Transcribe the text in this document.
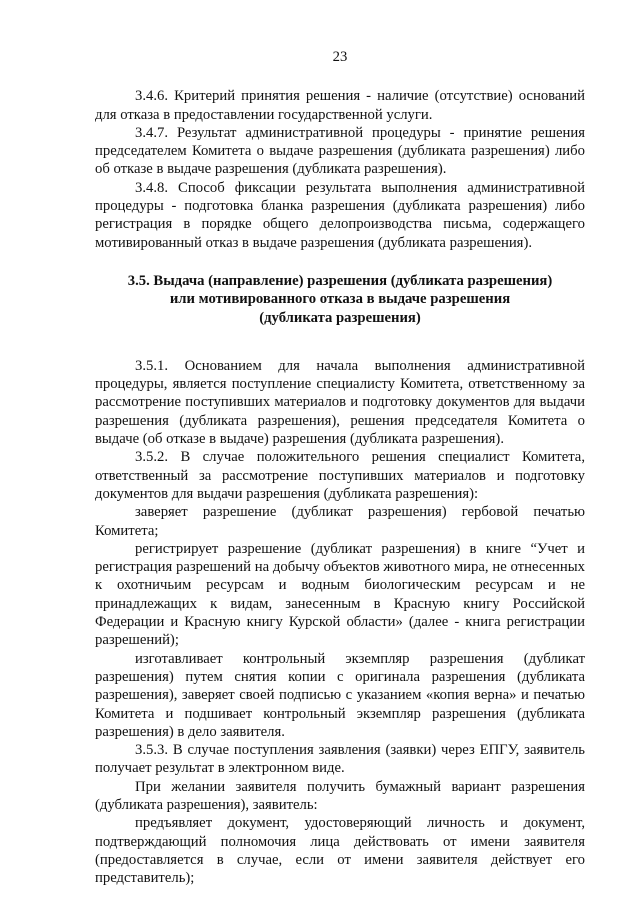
23

3.4.6. Критерий принятия решения - наличие (отсутствие) оснований для отказа в предоставлении государственной услуги.

3.4.7. Результат административной процедуры - принятие решения председателем Комитета о выдаче разрешения (дубликата разрешения) либо об отказе в выдаче разрешения (дубликата разрешения).

3.4.8. Способ фиксации результата выполнения административной процедуры - подготовка бланка разрешения (дубликата разрешения) либо регистрация в порядке общего делопроизводства письма, содержащего мотивированный отказ в выдаче разрешения (дубликата разрешения).

3.5. Выдача (направление) разрешения (дубликата разрешения)
или мотивированного отказа в выдаче разрешения
(дубликата разрешения)

3.5.1. Основанием для начала выполнения административной процедуры, является поступление специалисту Комитета, ответственному за рассмотрение поступивших материалов и подготовку документов для выдачи разрешения (дубликата разрешения), решения председателя Комитета о выдаче (об отказе в выдаче) разрешения (дубликата разрешения).

3.5.2. В случае положительного решения специалист Комитета, ответственный за рассмотрение поступивших материалов и подготовку документов для выдачи разрешения (дубликата разрешения):

заверяет разрешение (дубликат разрешения) гербовой печатью Комитета;

регистрирует разрешение (дубликат разрешения) в книге “Учет и регистрация разрешений на добычу объектов животного мира, не отнесенных к охотничьим ресурсам и водным биологическим ресурсам и не принадлежащих к видам, занесенным в Красную книгу Российской Федерации и Красную книгу Курской области» (далее - книга регистрации разрешений);

изготавливает контрольный экземпляр разрешения (дубликат разрешения) путем снятия копии с оригинала разрешения (дубликата разрешения), заверяет своей подписью с указанием «копия верна» и печатью Комитета и подшивает контрольный экземпляр разрешения (дубликата разрешения) в дело заявителя.

3.5.3. В случае поступления заявления (заявки) через ЕПГУ, заявитель получает результат в электронном виде.

При желании заявителя получить бумажный вариант разрешения (дубликата разрешения), заявитель:

предъявляет документ, удостоверяющий личность и документ, подтверждающий полномочия лица действовать от имени заявителя (предоставляется в случае, если от имени заявителя действует его представитель);
